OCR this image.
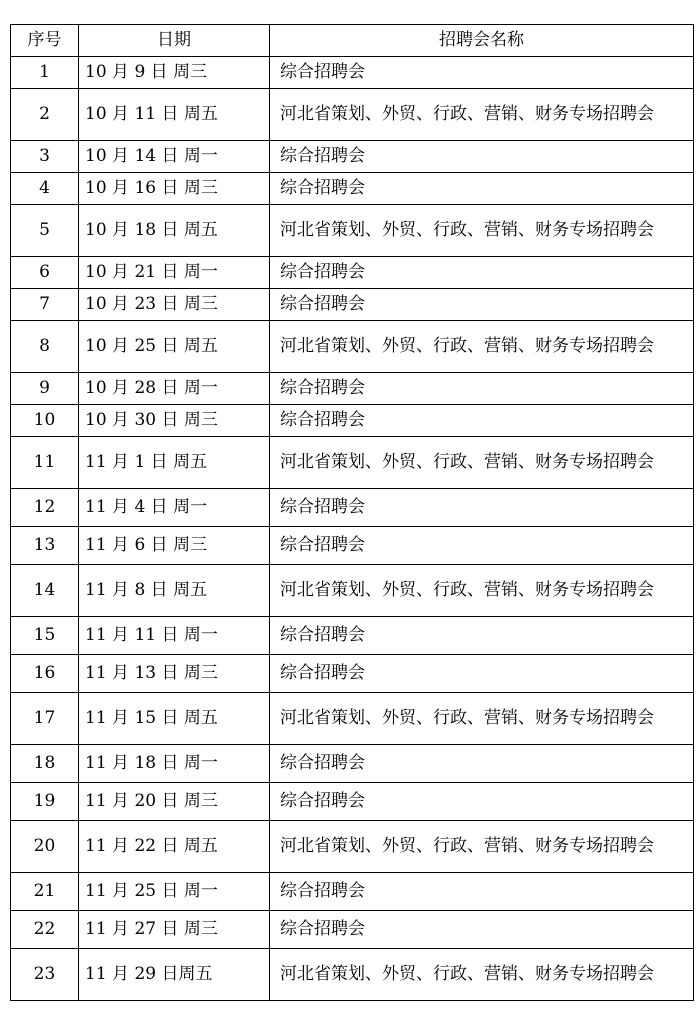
序号	日期	招聘会名称
1	10 月 9 日 周三	综合招聘会
2	10 月 11 日 周五	河北省策划、外贸、行政、营销、财务专场招聘会
3	10 月 14 日 周一	综合招聘会
4	10 月 16 日 周三	综合招聘会
5	10 月 18 日 周五	河北省策划、外贸、行政、营销、财务专场招聘会
6	10 月 21 日 周一	综合招聘会
7	10 月 23 日 周三	综合招聘会
8	10 月 25 日 周五	河北省策划、外贸、行政、营销、财务专场招聘会
9	10 月 28 日 周一	综合招聘会
10	10 月 30 日 周三	综合招聘会
11	11 月 1 日 周五	河北省策划、外贸、行政、营销、财务专场招聘会
12	11 月 4 日 周一	综合招聘会
13	11 月 6 日 周三	综合招聘会
14	11 月 8 日 周五	河北省策划、外贸、行政、营销、财务专场招聘会
15	11 月 11 日 周一	综合招聘会
16	11 月 13 日 周三	综合招聘会
17	11 月 15 日 周五	河北省策划、外贸、行政、营销、财务专场招聘会
18	11 月 18 日 周一	综合招聘会
19	11 月 20 日 周三	综合招聘会
20	11 月 22 日 周五	河北省策划、外贸、行政、营销、财务专场招聘会
21	11 月 25 日 周一	综合招聘会
22	11 月 27 日 周三	综合招聘会
23	11 月 29 日周五	河北省策划、外贸、行政、营销、财务专场招聘会
